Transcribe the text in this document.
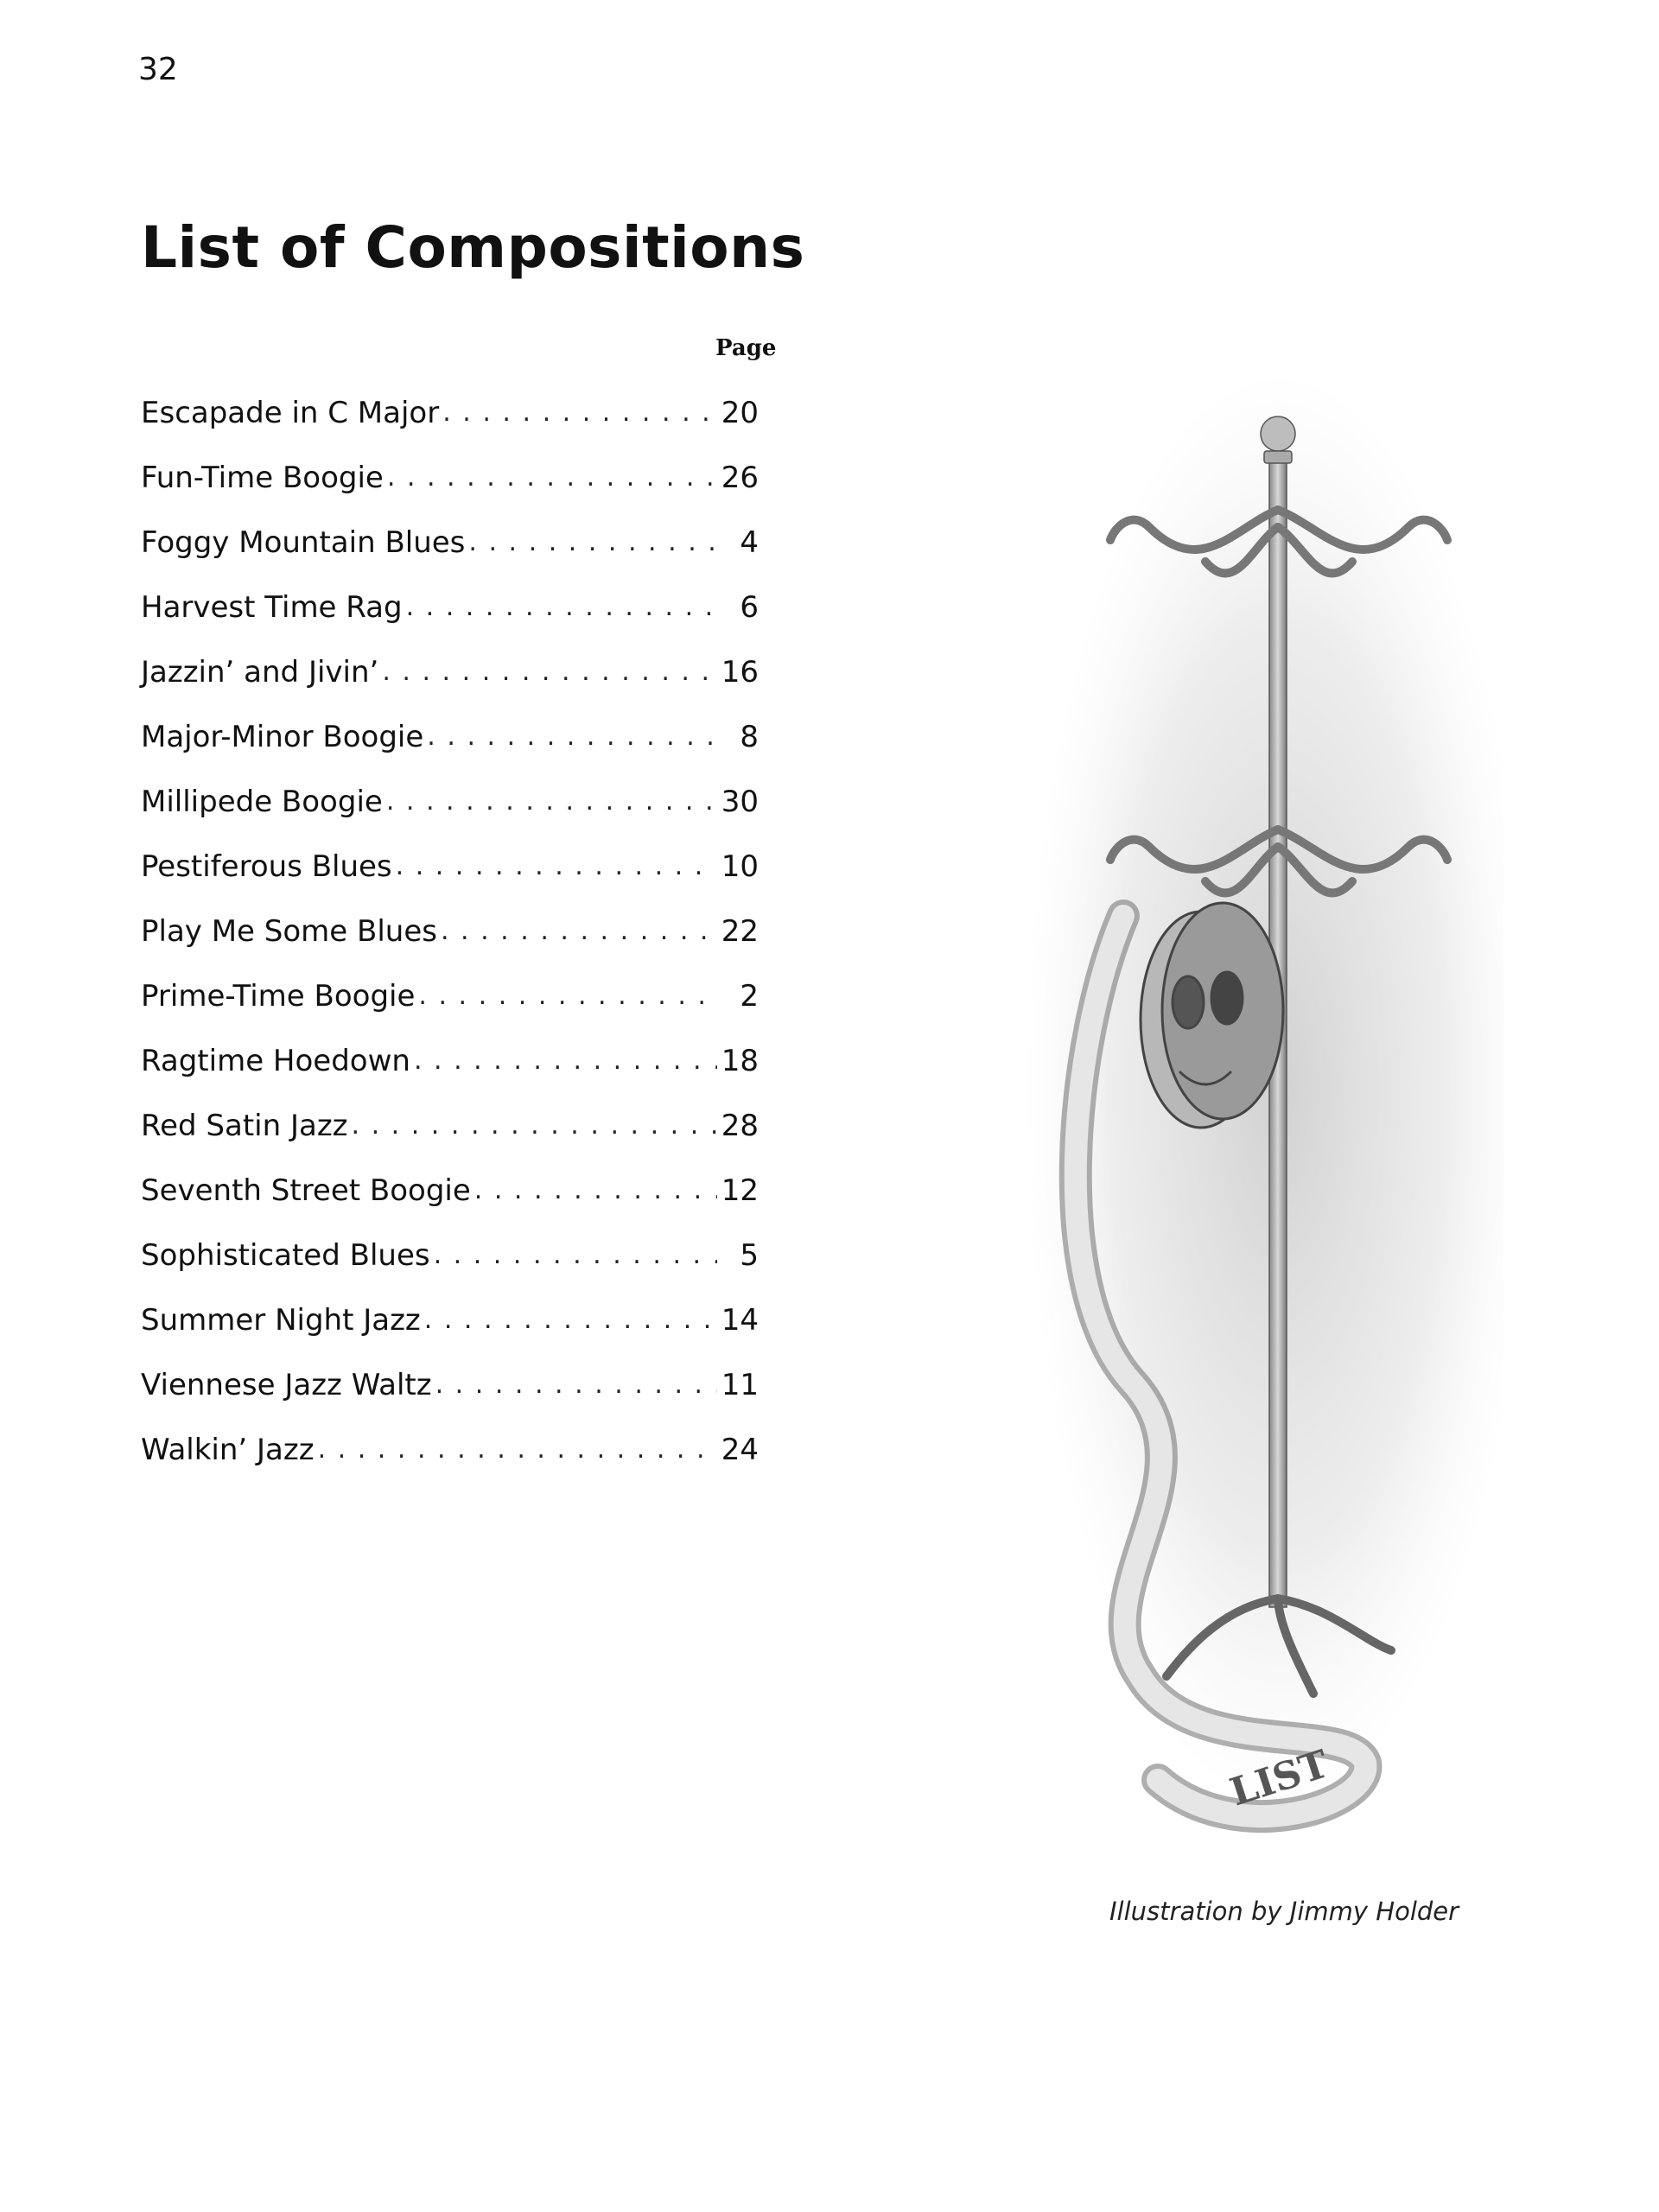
32
List of Compositions
Page
Escapade in C Major . . .	20
Fun-Time Boogie . . .	26
Foggy Mountain Blues . . .	4
Harvest Time Rag . . .	6
Jazzin’ and Jivin’ . . .	16
Major-Minor Boogie . . .	8
Millipede Boogie . . .	30
Pestiferous Blues . . .	10
Play Me Some Blues . . .	22
Prime-Time Boogie . . .	2
Ragtime Hoedown . . .	18
Red Satin Jazz . . .	28
Seventh Street Boogie . . .	12
Sophisticated Blues . . .	5
Summer Night Jazz . . .	14
Viennese Jazz Waltz . . .	11
Walkin’ Jazz . . .	24
LIST
Illustration by Jimmy Holder
